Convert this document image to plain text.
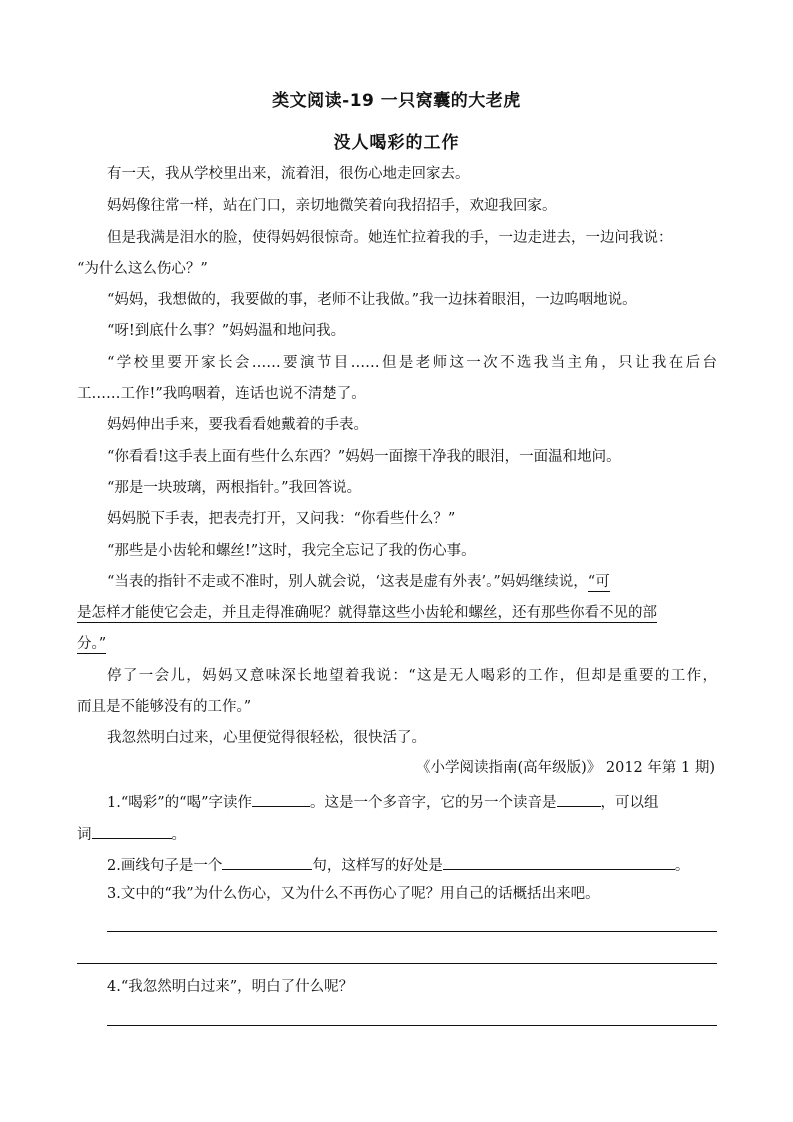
类文阅读-19 一只窝囊的大老虎
没人喝彩的工作
有一天，我从学校里出来，流着泪，很伤心地走回家去。
妈妈像往常一样，站在门口，亲切地微笑着向我招招手，欢迎我回家。
但是我满是泪水的脸，使得妈妈很惊奇。她连忙拉着我的手，一边走进去，一边问我说：
“为什么这么伤心？”
“妈妈，我想做的，我要做的事，老师不让我做。”我一边抹着眼泪，一边呜咽地说。
“呀!到底什么事？”妈妈温和地问我。
“学校里要开家长会……要演节目……但是老师这一次不选我当主角，只让我在后台
工……工作!”我呜咽着，连话也说不清楚了。
妈妈伸出手来，要我看看她戴着的手表。
“你看看!这手表上面有些什么东西？”妈妈一面擦干净我的眼泪，一面温和地问。
“那是一块玻璃，两根指针。”我回答说。
妈妈脱下手表，把表壳打开，又问我：“你看些什么？”
“那些是小齿轮和螺丝!”这时，我完全忘记了我的伤心事。
“当表的指针不走或不准时，别人就会说，‘这表是虚有外表’。”妈妈继续说，“可
是怎样才能使它会走，并且走得准确呢？就得靠这些小齿轮和螺丝，还有那些你看不见的部
分。”
停了一会儿，妈妈又意味深长地望着我说：“这是无人喝彩的工作，但却是重要的工作，
而且是不能够没有的工作。”
我忽然明白过来，心里便觉得很轻松，很快活了。
《小学阅读指南(高年级版)》 2012 年第 1 期)
1.“喝彩”的“喝”字读作	。这是一个多音字，它的另一个读音是	，可以组
词	。
2.画线句子是一个	句，这样写的好处是	。
3.文中的“我”为什么伤心，又为什么不再伤心了呢？用自己的话概括出来吧。
4.“我忽然明白过来”，明白了什么呢？
